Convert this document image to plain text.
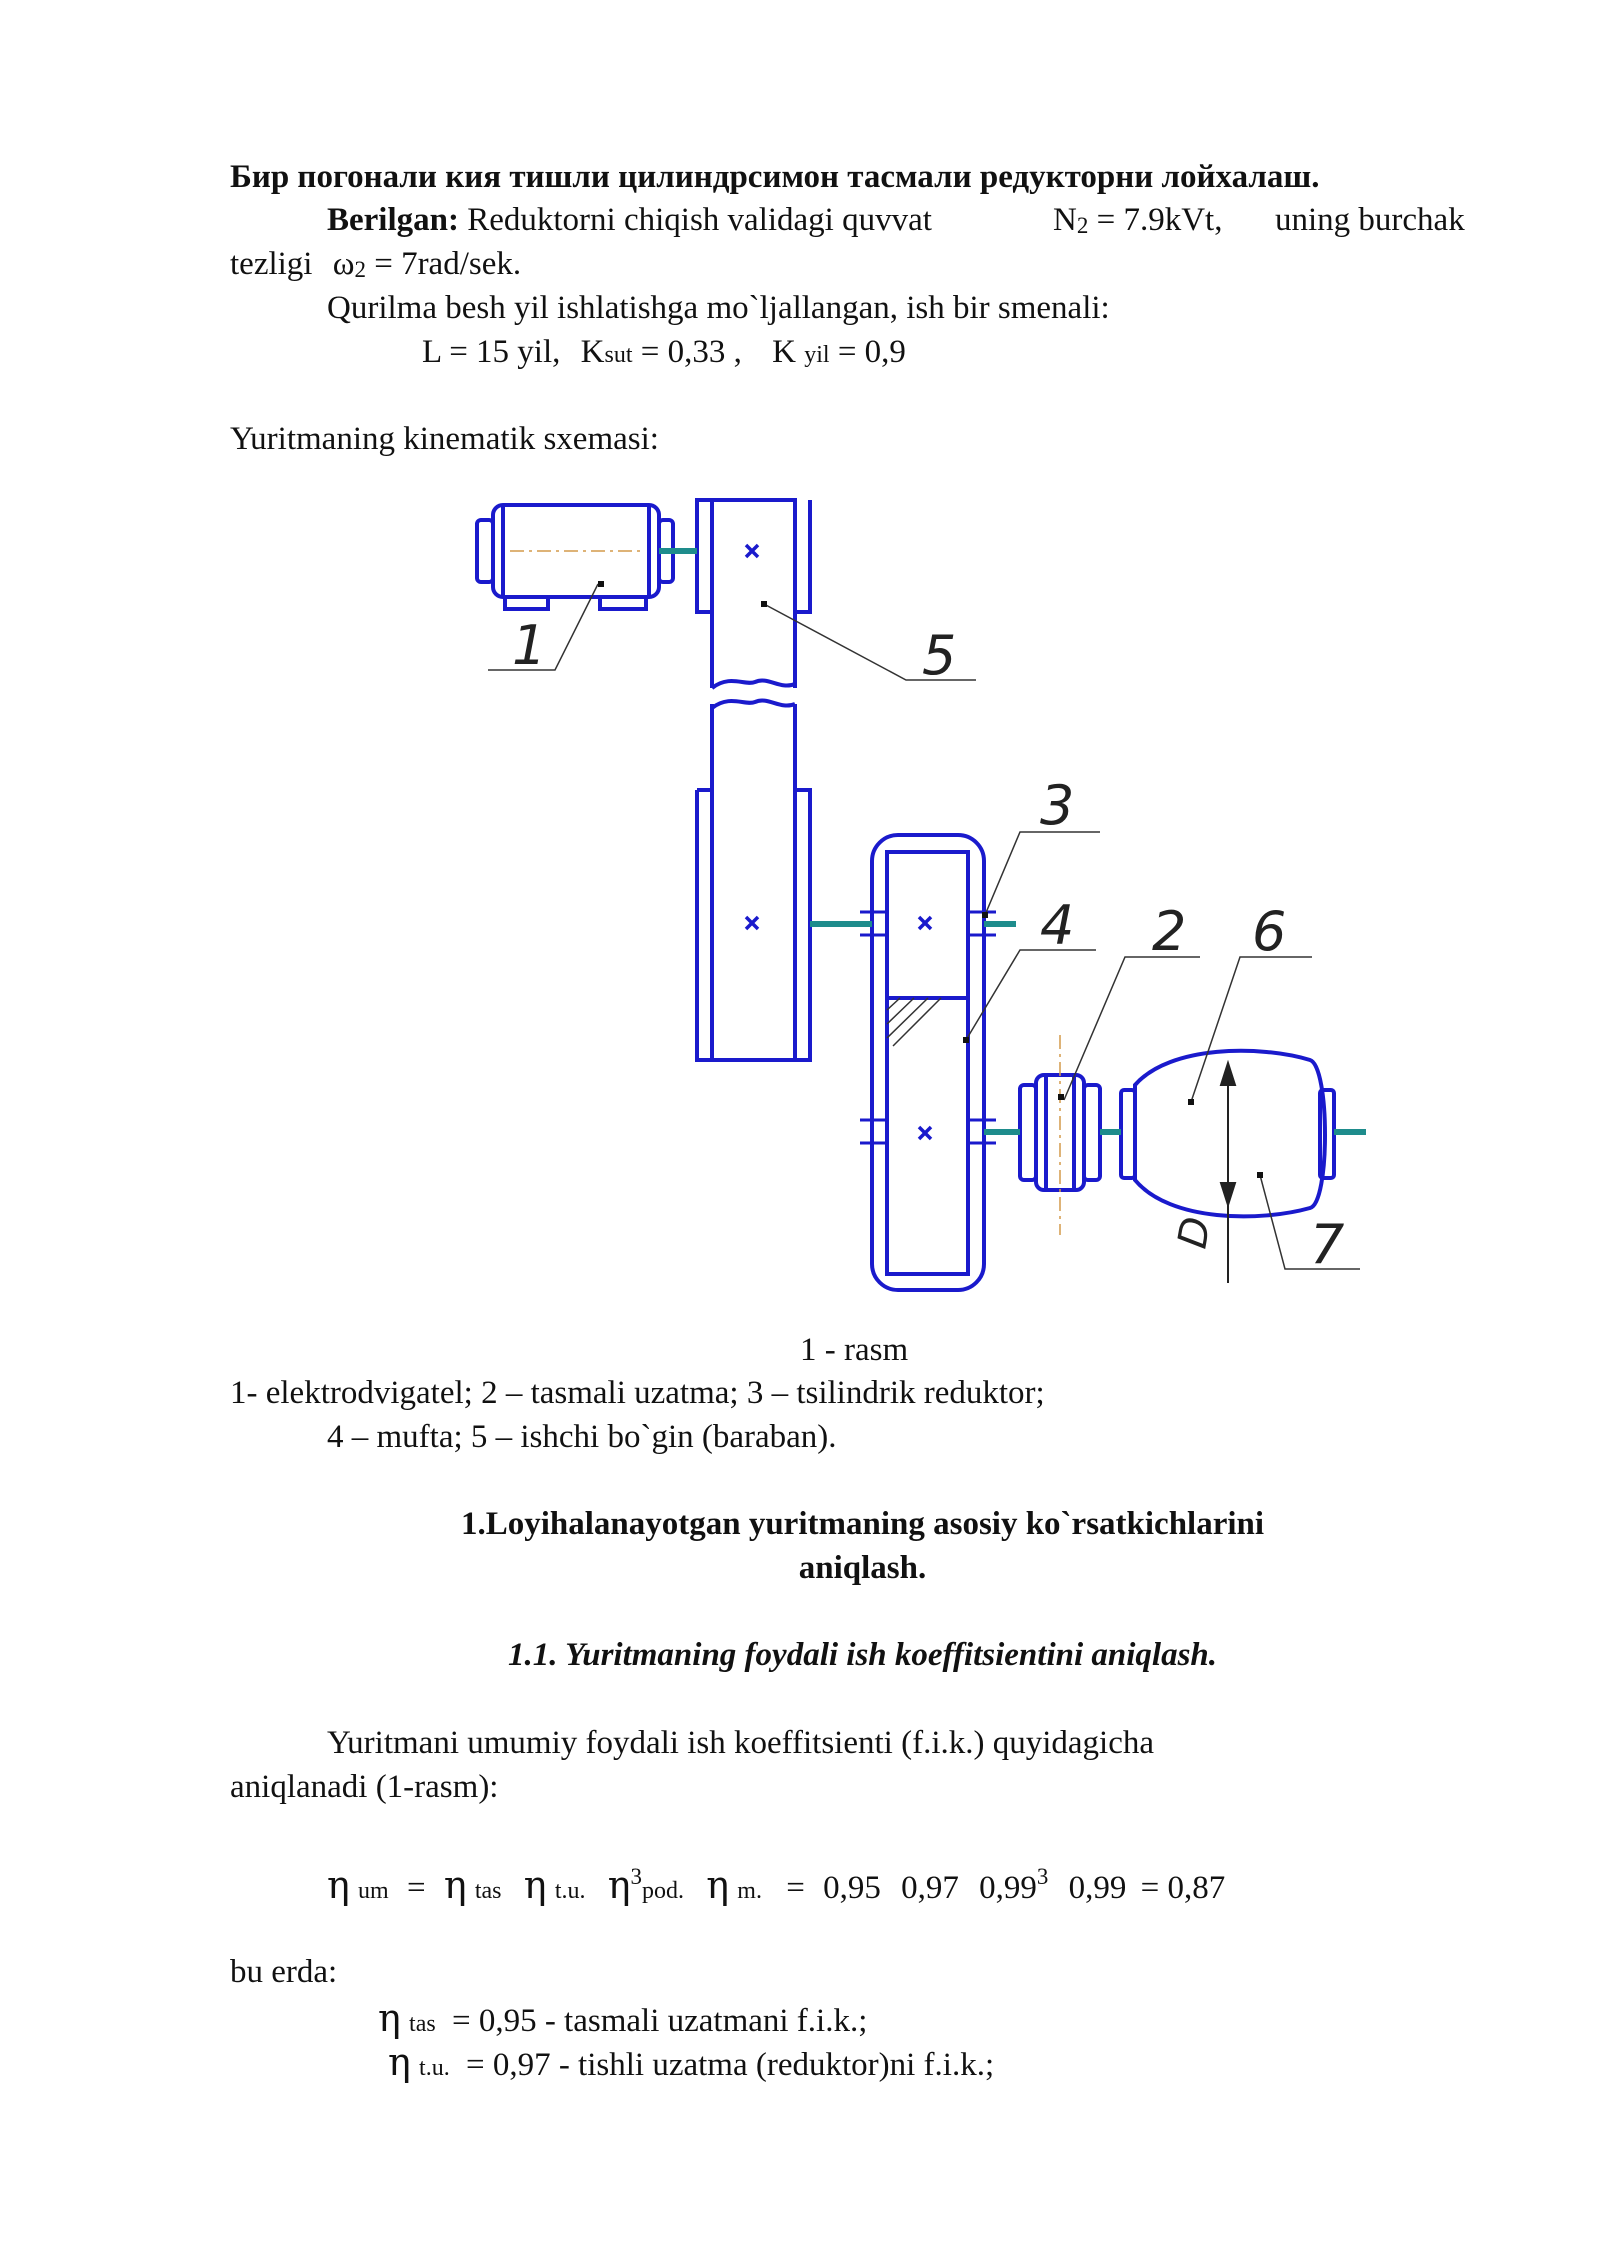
Бир погонали кия тишли цилиндрсимон тасмали редукторни лойхалаш.
Berilgan: Reduktorni chiqish validagi quvvat	N2 = 7.9kVt, uning burchak
tezligi ω2 = 7rad/sek.
Qurilma besh yil ishlatishga mo`ljallangan, ish bir smenali:
L = 15 yil, Ksut = 0,33 , K yil = 0,9
Yuritmaning kinematik sxemasi:
1	5
3
4 2 6
7
D
1 - rasm
1- elektrodvigatel; 2 – tasmali uzatma; 3 – tsilindrik reduktor;
4 – mufta; 5 – ishchi bo`gin (baraban).
1.Loyihalanayotgan yuritmaning asosiy ko`rsatkichlarini
aniqlash.
1.1. Yuritmaning foydali ish koeffitsientini aniqlash.
Yuritmani umumiy foydali ish koeffitsienti (f.i.k.) quyidagicha
aniqlanadi (1-rasm):
η um = η tas η t.u. $\eta^3pod$. η m. = 0,95 0,97 0,99$^3$ 0,99 = 0,87
bu erda:
η tas = 0,95 - tasmali uzatmani f.i.k.;
η t.u. = 0,97 - tishli uzatma (reduktor)ni f.i.k.;
